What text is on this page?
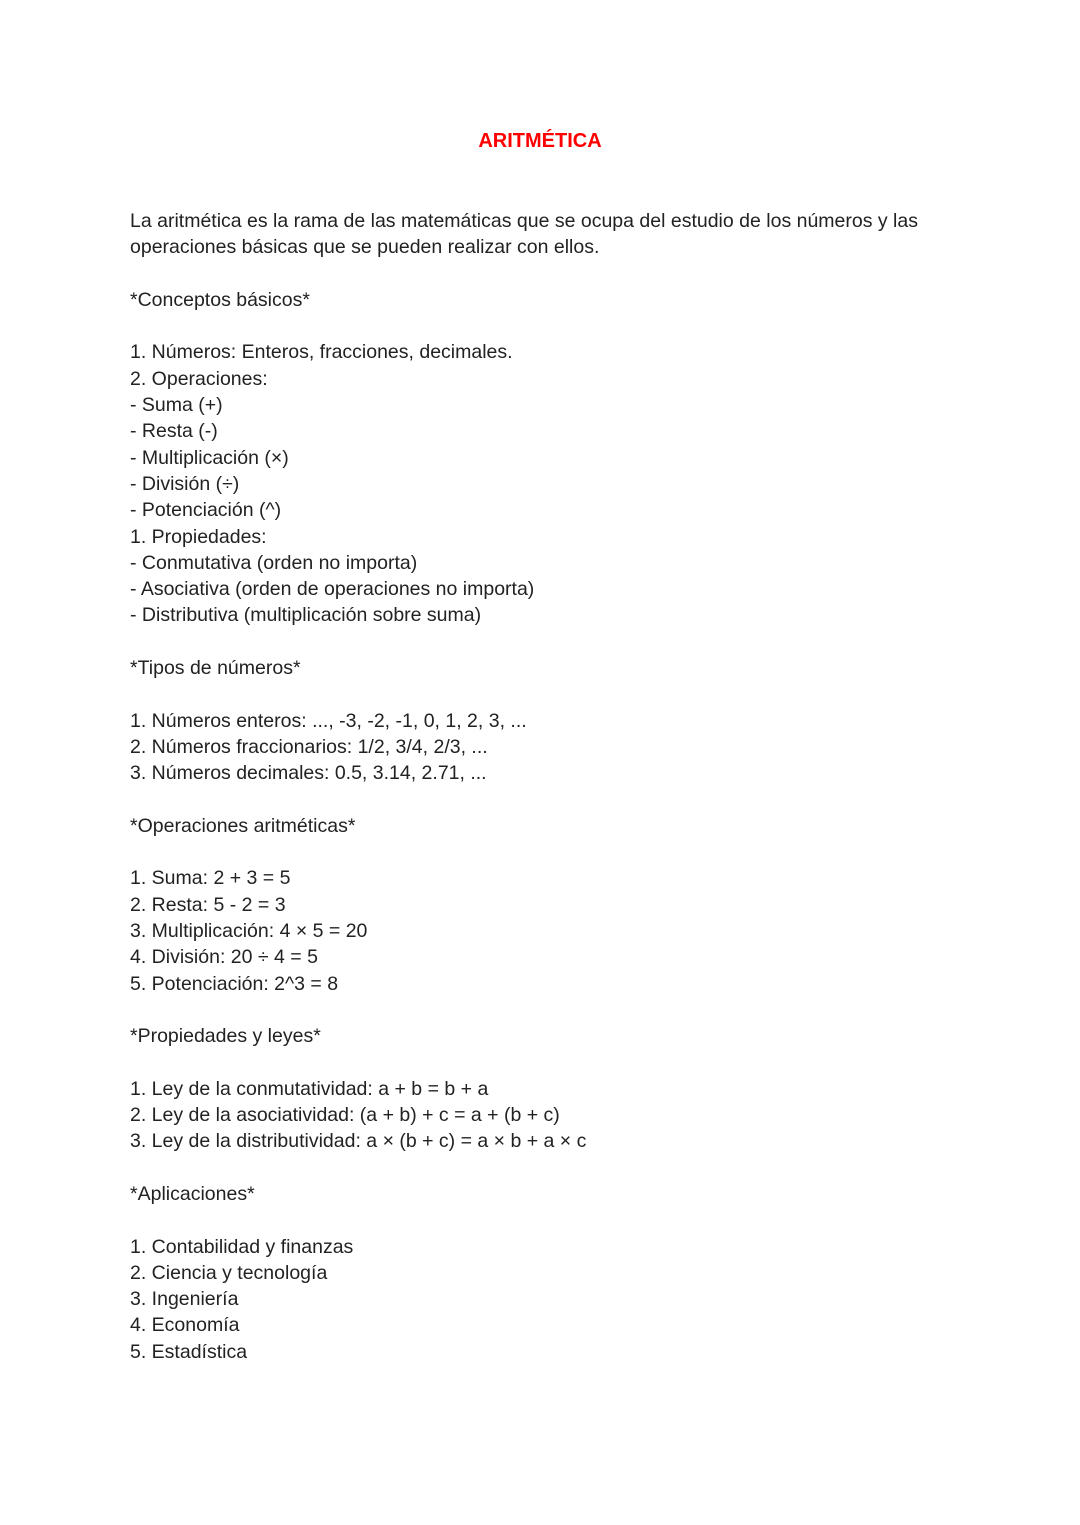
ARITMÉTICA
La aritmética es la rama de las matemáticas que se ocupa del estudio de los números y las operaciones básicas que se pueden realizar con ellos.
*Conceptos básicos*
1. Números: Enteros, fracciones, decimales.
2. Operaciones:
- Suma (+)
- Resta (-)
- Multiplicación (×)
- División (÷)
- Potenciación (^)
1. Propiedades:
- Conmutativa (orden no importa)
- Asociativa (orden de operaciones no importa)
- Distributiva (multiplicación sobre suma)
*Tipos de números*
1. Números enteros: ..., -3, -2, -1, 0, 1, 2, 3, ...
2. Números fraccionarios: 1/2, 3/4, 2/3, ...
3. Números decimales: 0.5, 3.14, 2.71, ...
*Operaciones aritméticas*
1. Suma: 2 + 3 = 5
2. Resta: 5 - 2 = 3
3. Multiplicación: 4 × 5 = 20
4. División: 20 ÷ 4 = 5
5. Potenciación: 2^3 = 8
*Propiedades y leyes*
1. Ley de la conmutatividad: a + b = b + a
2. Ley de la asociatividad: (a + b) + c = a + (b + c)
3. Ley de la distributividad: a × (b + c) = a × b + a × c
*Aplicaciones*
1. Contabilidad y finanzas
2. Ciencia y tecnología
3. Ingeniería
4. Economía
5. Estadística
